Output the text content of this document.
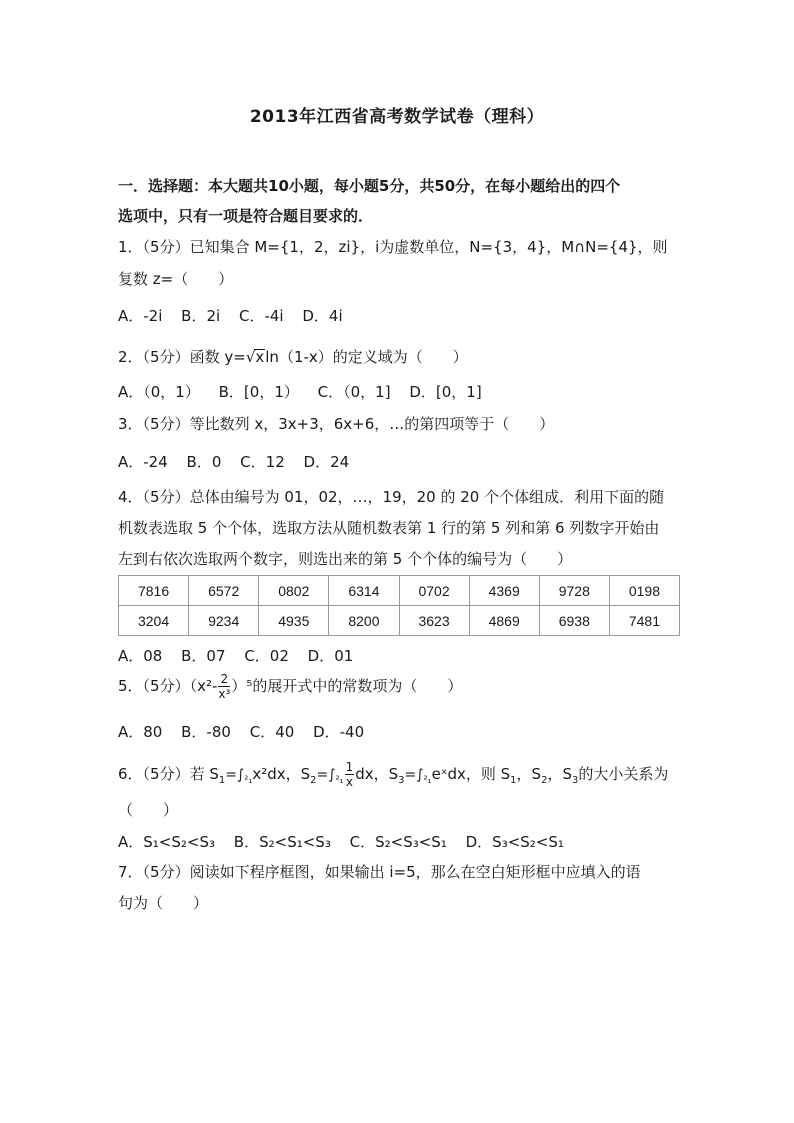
2013年江西省高考数学试卷（理科）
一．选择题：本大题共10小题，每小题5分，共50分，在每小题给出的四个
选项中，只有一项是符合题目要求的．
1．（5分）已知集合 M={1，2，zi}，i为虚数单位，N={3，4}，M∩N={4}，则
复数 z=（　　）
A．-2i B．2i C．-4i D．4i
2．（5分）函数 y=√xln（1-x）的定义域为（　　）
A．（0，1） B．[0，1） C．（0，1] D．[0，1]
3．（5分）等比数列 x，3x+3，6x+6，…的第四项等于（　　）
A．-24 B．0 C．12 D．24
4．（5分）总体由编号为 01，02，…，19，20 的 20 个个体组成．利用下面的随
机数表选取 5 个个体，选取方法从随机数表第 1 行的第 5 列和第 6 列数字开始由
左到右依次选取两个数字，则选出来的第 5 个个体的编号为（　　）
7816	6572	0802	6314	0702	4369	9728	0198
3204	9234	4935	8200	3623	4869	6938	7481
A．08 B．07 C．02 D．01
5．（5分）$(x^2- \frac{2}{\text{x³}} )^5$的展开式中的常数项为（　　）
A．80 B．-80 C．40 D．-40
6．（5分）若 $S_1=\int_{^2_1}x^2dx$，$S_2=\int_{^2_1} \frac{1}{x}$ dx，$S_3=\int_{^2_1}eˣdx$，则 $S_1$，$S_2$，$S_3$的大小关系为
（　　）
A．S₁<S₂<S₃ B．S₂<S₁<S₃ C．S₂<S₃<S₁ D．S₃<S₂<S₁
7．（5分）阅读如下程序框图，如果输出 i=5，那么在空白矩形框中应填入的语
句为（　　）
